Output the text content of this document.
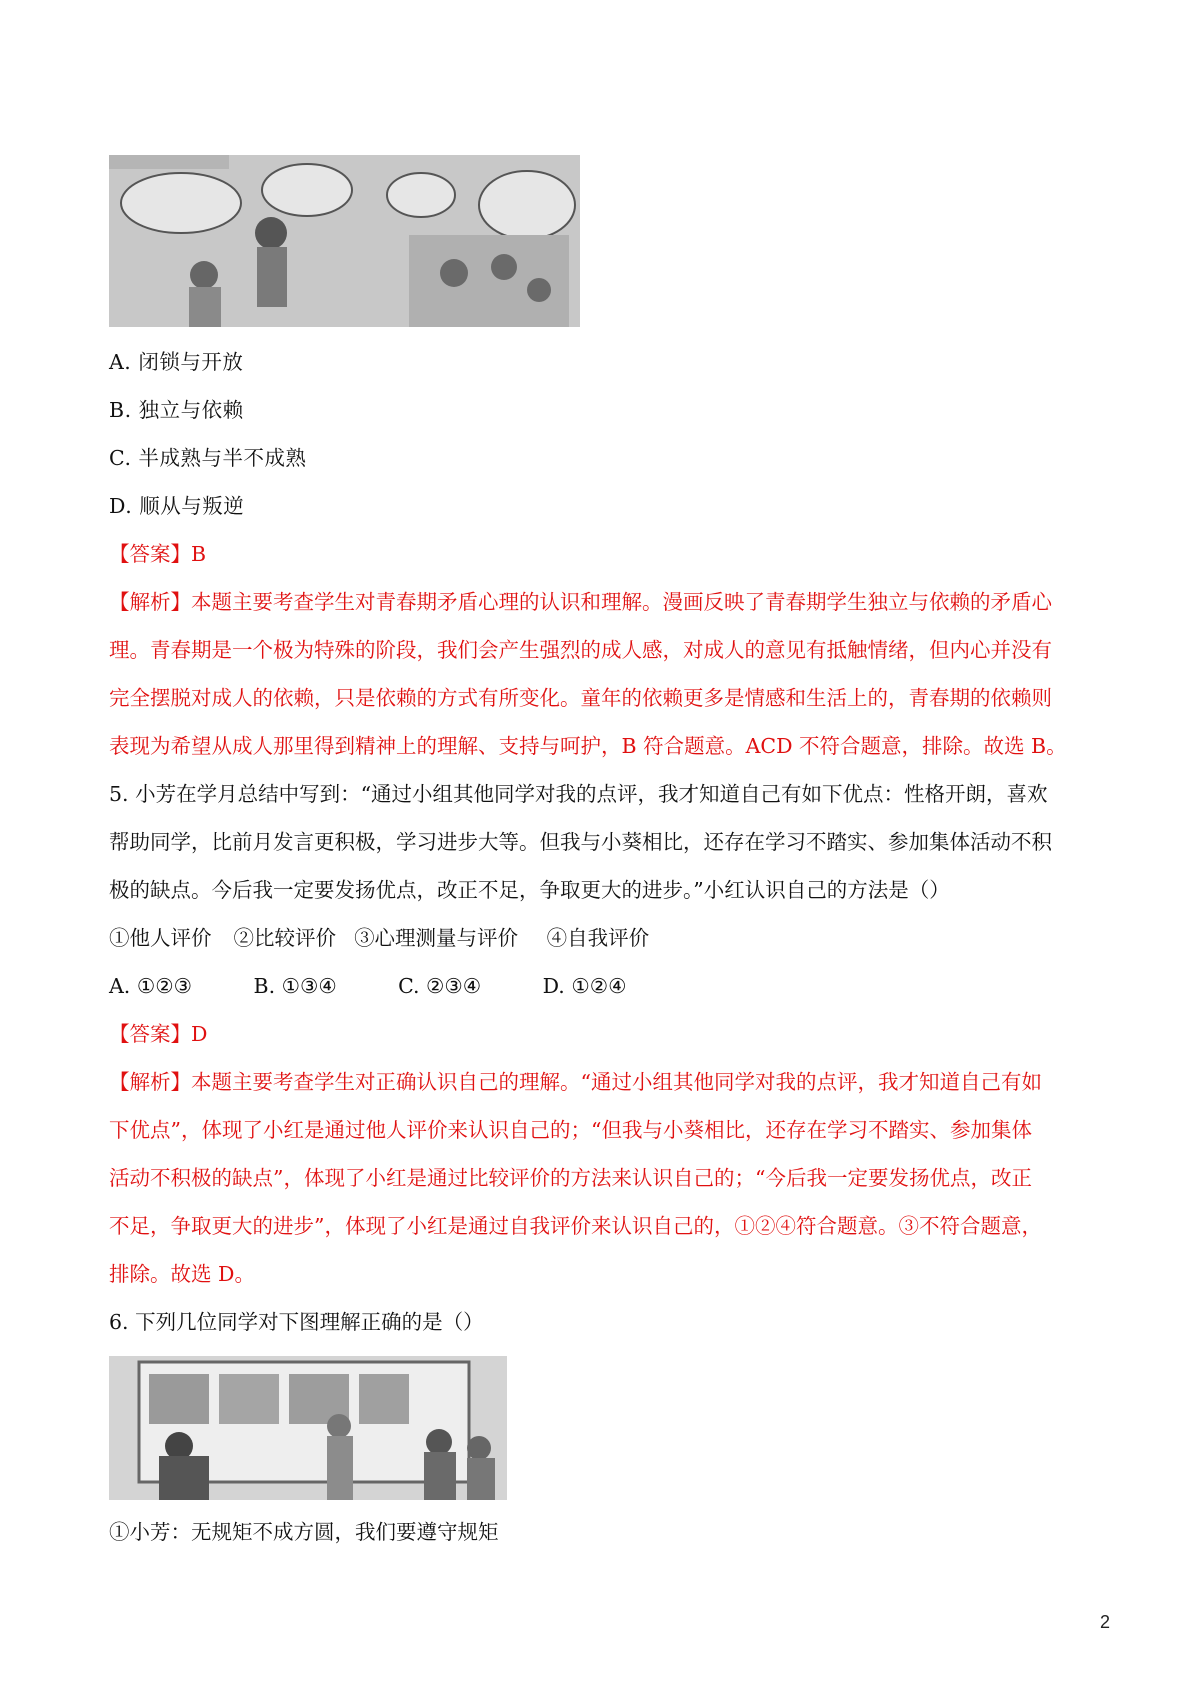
A. 闭锁与开放
B. 独立与依赖
C. 半成熟与半不成熟
D. 顺从与叛逆
【答案】B
【解析】本题主要考查学生对青春期矛盾心理的认识和理解。漫画反映了青春期学生独立与依赖的矛盾心
理。青春期是一个极为特殊的阶段，我们会产生强烈的成人感，对成人的意见有抵触情绪，但内心并没有
完全摆脱对成人的依赖，只是依赖的方式有所变化。童年的依赖更多是情感和生活上的，青春期的依赖则
表现为希望从成人那里得到精神上的理解、支持与呵护，B 符合题意。ACD 不符合题意，排除。故选 B。
5. 小芳在学月总结中写到：“通过小组其他同学对我的点评，我才知道自己有如下优点：性格开朗，喜欢
帮助同学，比前月发言更积极，学习进步大等。但我与小葵相比，还存在学习不踏实、参加集体活动不积
极的缺点。今后我一定要发扬优点，改正不足，争取更大的进步。”小红认识自己的方法是（）
①他人评价 ②比较评价 ③心理测量与评价 ④自我评价
A. ①②③	B. ①③④	C. ②③④	D. ①②④
【答案】D
【解析】本题主要考查学生对正确认识自己的理解。“通过小组其他同学对我的点评，我才知道自己有如
下优点”，体现了小红是通过他人评价来认识自己的；“但我与小葵相比，还存在学习不踏实、参加集体
活动不积极的缺点”，体现了小红是通过比较评价的方法来认识自己的；“今后我一定要发扬优点，改正
不足，争取更大的进步”，体现了小红是通过自我评价来认识自己的，①②④符合题意。③不符合题意，
排除。故选 D。
6. 下列几位同学对下图理解正确的是（）
①小芳：无规矩不成方圆，我们要遵守规矩
2
